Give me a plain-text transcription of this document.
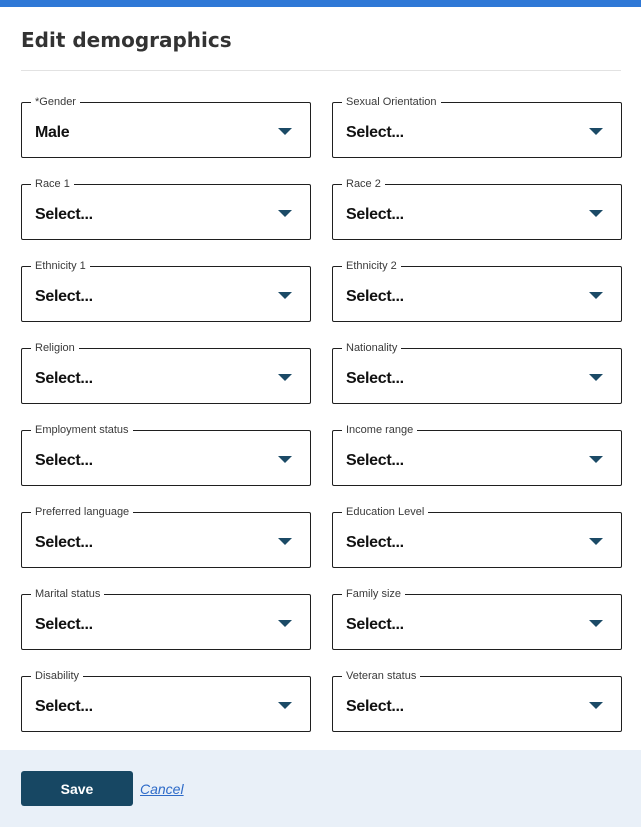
Edit demographics
*Gender
Male
Sexual Orientation
Select...
Race 1
Select...
Race 2
Select...
Ethnicity 1
Select...
Ethnicity 2
Select...
Religion
Select...
Nationality
Select...
Employment status
Select...
Income range
Select...
Preferred language
Select...
Education Level
Select...
Marital status
Select...
Family size
Select...
Disability
Select...
Veteran status
Select...
Save	Cancel
